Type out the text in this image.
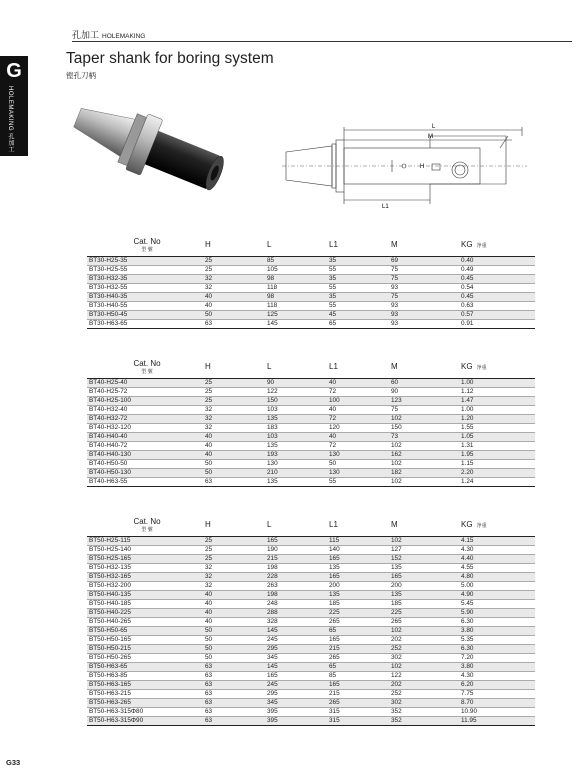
孔加工 HOLEMAKING
G
HOLEMAKING 孔加工
Taper shank for boring system
镗孔刀柄
L
M
H
L1
Cat. No
型 號	H	L	L1	M	KG 净重
BT30-H25-35	25	85	35	69	0.40
BT30-H25-55	25	105	55	75	0.49
BT30-H32-35	32	98	35	75	0.45
BT30-H32-55	32	118	55	93	0.54
BT30-H40-35	40	98	35	75	0.45
BT30-H40-55	40	118	55	93	0.63
BT30-H50-45	50	125	45	93	0.57
BT30-H63-65	63	145	65	93	0.91
Cat. No
型 號	H	L	L1	M	KG 净重
BT40-H25-40	25	90	40	60	1.00
BT40-H25-72	25	122	72	90	1.12
BT40-H25-100	25	150	100	123	1.47
BT40-H32-40	32	103	40	75	1.00
BT40-H32-72	32	135	72	102	1.20
BT40-H32-120	32	183	120	150	1.55
BT40-H40-40	40	103	40	73	1.05
BT40-H40-72	40	135	72	102	1.31
BT40-H40-130	40	193	130	162	1.95
BT40-H50-50	50	130	50	102	1.15
BT40-H50-130	50	210	130	182	2.20
BT40-H63-55	63	135	55	102	1.24
Cat. No
型 號	H	L	L1	M	KG 净重
BT50-H25-115	25	165	115	102	4.15
BT50-H25-140	25	190	140	127	4.30
BT50-H25-165	25	215	165	152	4.40
BT50-H32-135	32	198	135	135	4.55
BT50-H32-165	32	228	165	165	4.80
BT50-H32-200	32	263	200	200	5.00
BT50-H40-135	40	198	135	135	4.90
BT50-H40-185	40	248	185	185	5.45
BT50-H40-225	40	288	225	225	5.90
BT50-H40-265	40	328	265	265	6.30
BT50-H50-65	50	145	65	102	3.80
BT50-H50-165	50	245	165	202	5.35
BT50-H50-215	50	295	215	252	6.30
BT50-H50-265	50	345	265	302	7.20
BT50-H63-65	63	145	65	102	3.80
BT50-H63-85	63	165	85	122	4.30
BT50-H63-165	63	245	165	202	6.20
BT50-H63-215	63	295	215	252	7.75
BT50-H63-265	63	345	265	302	8.70
BT50-H63-315Φ80	63	395	315	352	10.90
BT50-H63-315Φ90	63	395	315	352	11.95
G33
